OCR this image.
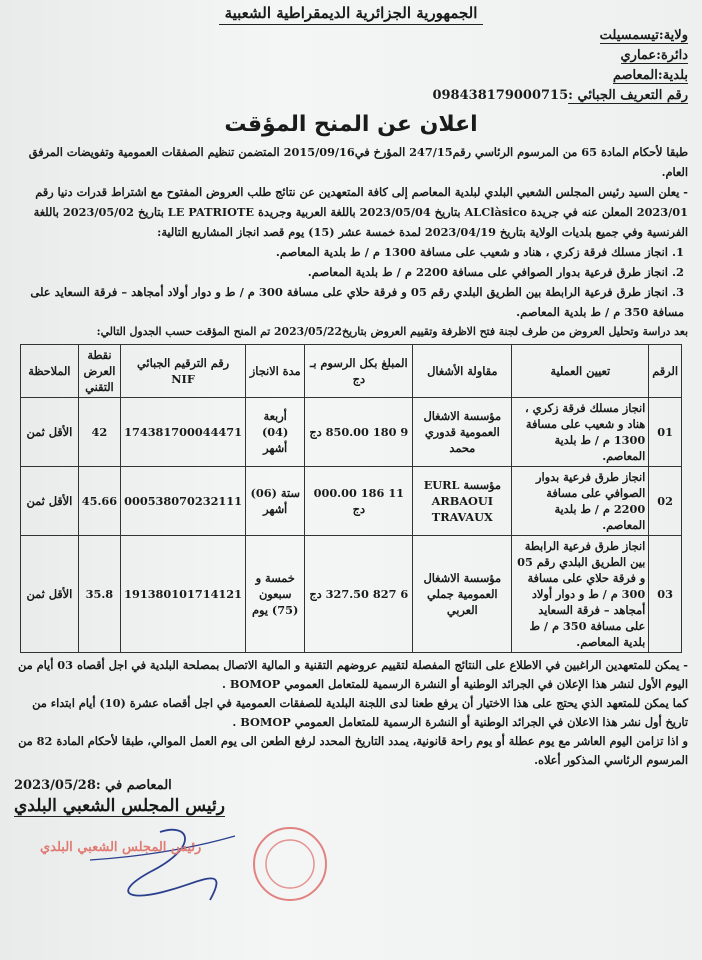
الجمهورية الجزائرية الديمقراطية الشعبية
ولاية:تيسمسيلت
دائرة:عماري
بلدية:المعاصم
رقم التعريف الجبائي :098438179000715
اعلان عن المنح المؤقت
طبقا لأحكام المادة 65 من المرسوم الرئاسي رقم247/15 المؤرخ في2015/09/16 المتضمن تنظيم الصفقات العمومية وتفويضات المرفق العام.
- يعلن السيد رئيس المجلس الشعبي البلدي لبلدية المعاصم إلى كافة المتعهدين عن نتائج طلب العروض المفتوح مع اشتراط قدرات دنيا رقم 2023/01 المعلن عنه في جريدة ALClàsico بتاريخ 2023/05/04 باللغة العربية وجريدة LE PATRIOTE بتاريخ 2023/05/02 باللغة الفرنسية وفي جميع بلديات الولاية بتاريخ 2023/04/19 لمدة خمسة عشر (15) يوم قصد انجاز المشاريع التالية:
1. انجاز مسلك فرقة زكري ، هناد و شعيب على مسافة 1300 م / ط بلدية المعاصم.
2. انجاز طرق فرعية بدوار الصوافي على مسافة 2200 م / ط بلدية المعاصم.
3. انجاز طرق فرعية الرابطة بين الطريق البلدي رقم 05 و فرقة حلاي على مسافة 300 م / ط و دوار أولاد أمجاهد – فرقة السعايد على مسافة 350 م / ط بلدية المعاصم.
بعد دراسة وتحليل العروض من طرف لجنة فتح الاظرفة وتقييم العروض بتاريخ2023/05/22 تم المنح المؤقت حسب الجدول التالي:
الرقم	تعيين العملية	مقاولة الأشغال	المبلغ بكل الرسوم بـ دج	مدة الانجاز	رقم الترقيم الجبائي NIF	نقطة العرض التقني	الملاحظة
01	انجاز مسلك فرقة زكري ، هناد و شعيب على مسافة 1300 م / ط بلدية المعاصم.	مؤسسة الاشغال العمومية قدوري محمد	9 180 850.00 دج	أربعة (04) أشهر	174381700044471	42	الأقل ثمن
02	انجاز طرق فرعية بدوار الصوافي على مسافة 2200 م / ط بلدية المعاصم.	مؤسسة EURL ARBAOUI TRAVAUX	11 186 000.00 دج	ستة (06) أشهر	000538070232111	45.66	الأقل ثمن
03	انجاز طرق فرعية الرابطة بين الطريق البلدي رقم 05 و فرقة حلاي على مسافة 300 م / ط و دوار أولاد أمجاهد – فرقة السعايد على مسافة 350 م / ط بلدية المعاصم.	مؤسسة الاشغال العمومية جملي العربي	6 827 327.50 دج	خمسة و سبعون (75) يوم	191380101714121	35.8	الأقل ثمن
- يمكن للمتعهدين الراغبين في الاطلاع على النتائج المفصلة لتقييم عروضهم التقنية و المالية الاتصال بمصلحة البلدية في اجل أقصاه 03 أيام من اليوم الأول لنشر هذا الإعلان في الجرائد الوطنية أو النشرة الرسمية للمتعامل العمومي BOMOP .
كما يمكن للمتعهد الذي يحتج على هذا الاختيار أن يرفع طعنا لدى اللجنة البلدية للصفقات العمومية في اجل أقصاه عشرة (10) أيام ابتداء من تاريخ أول نشر هذا الاعلان في الجرائد الوطنية أو النشرة الرسمية للمتعامل العمومي BOMOP .
و اذا تزامن اليوم العاشر مع يوم عطلة أو يوم راحة قانونية، يمدد التاريخ المحدد لرفع الطعن الى يوم العمل الموالي، طبقا لأحكام المادة 82 من المرسوم الرئاسي المذكور أعلاه.
المعاصم في :2023/05/28
رئيس المجلس الشعبي البلدي
رئيس المجلس الشعبي البلدي
